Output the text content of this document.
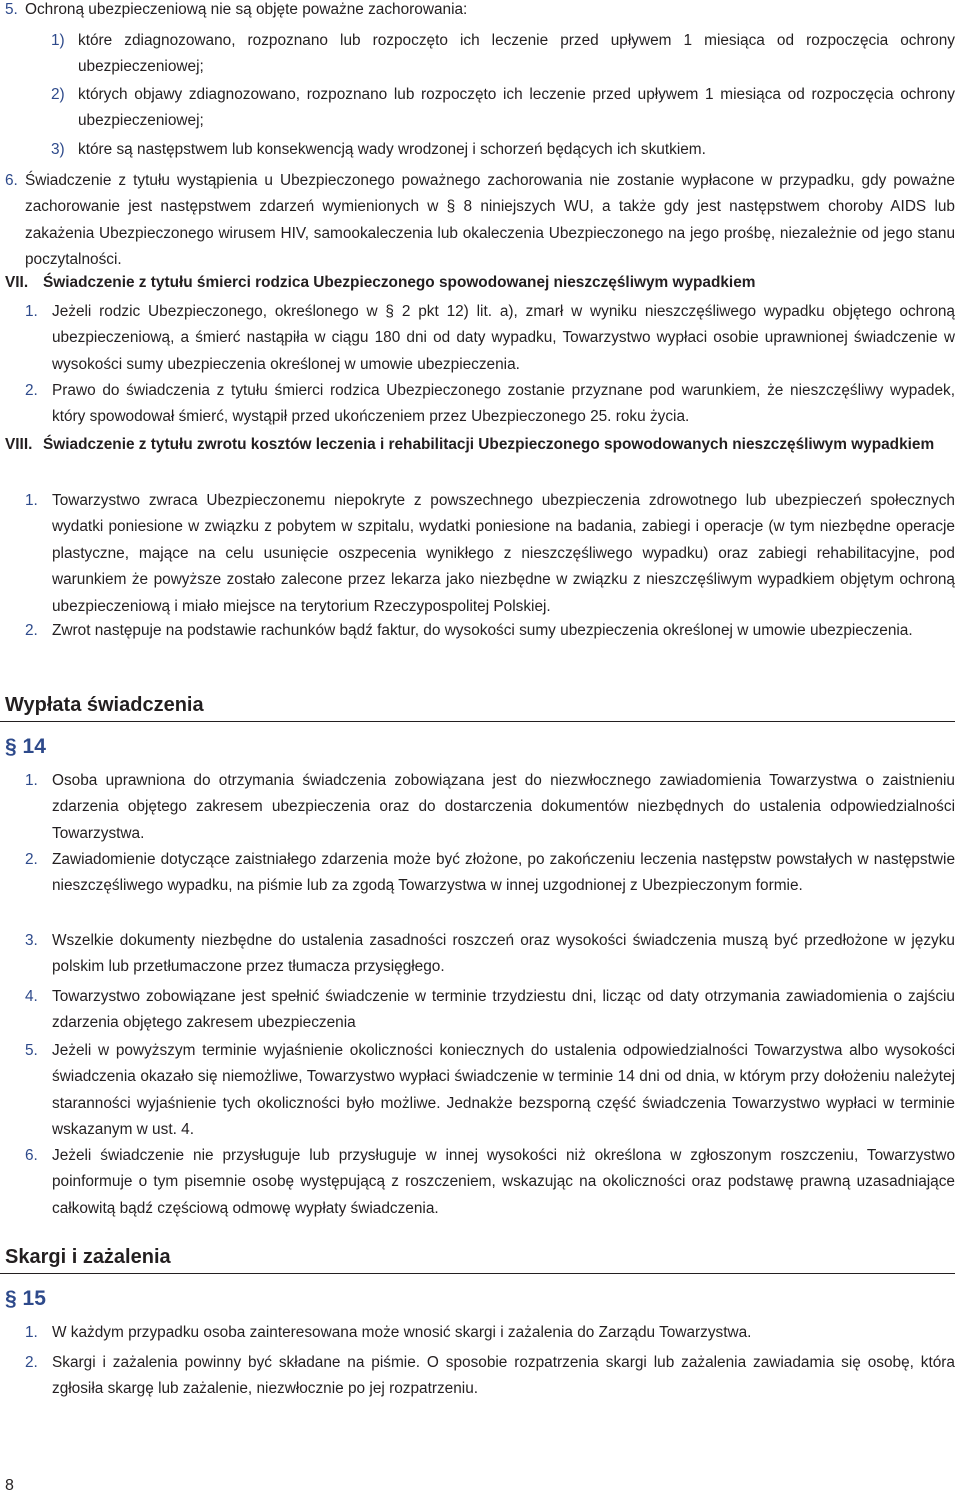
5. Ochroną ubezpieczeniową nie są objęte poważne zachorowania:
1) które zdiagnozowano, rozpoznano lub rozpoczęto ich leczenie przed upływem 1 miesiąca od rozpoczęcia ochrony ubezpieczeniowej;
2) których objawy zdiagnozowano, rozpoznano lub rozpoczęto ich leczenie przed upływem 1 miesiąca od rozpoczęcia ochrony ubezpieczeniowej;
3) które są następstwem lub konsekwencją wady wrodzonej i schorzeń będących ich skutkiem.
6. Świadczenie z tytułu wystąpienia u Ubezpieczonego poważnego zachorowania nie zostanie wypłacone w przypadku, gdy poważne zachorowanie jest następstwem zdarzeń wymienionych w § 8 niniejszych WU, a także gdy jest następstwem choroby AIDS lub zakażenia Ubezpieczonego wirusem HIV, samookaleczenia lub okaleczenia Ubezpieczonego na jego prośbę, niezależnie od jego stanu poczytalności.
VII. Świadczenie z tytułu śmierci rodzica Ubezpieczonego spowodowanej nieszczęśliwym wypadkiem
1. Jeżeli rodzic Ubezpieczonego, określonego w § 2 pkt 12) lit. a), zmarł w wyniku nieszczęśliwego wypadku objętego ochroną ubezpieczeniową, a śmierć nastąpiła w ciągu 180 dni od daty wypadku, Towarzystwo wypłaci osobie uprawnionej świadczenie w wysokości sumy ubezpieczenia określonej w umowie ubezpieczenia.
2. Prawo do świadczenia z tytułu śmierci rodzica Ubezpieczonego zostanie przyznane pod warunkiem, że nieszczęśliwy wypadek, który spowodował śmierć, wystąpił przed ukończeniem przez Ubezpieczonego 25. roku życia.
VIII. Świadczenie z tytułu zwrotu kosztów leczenia i rehabilitacji Ubezpieczonego spowodowanych nieszczęśliwym wypadkiem
1. Towarzystwo zwraca Ubezpieczonemu niepokryte z powszechnego ubezpieczenia zdrowotnego lub ubezpieczeń społecznych wydatki poniesione w związku z pobytem w szpitalu, wydatki poniesione na badania, zabiegi i operacje (w tym niezbędne operacje plastyczne, mające na celu usunięcie oszpecenia wynikłego z nieszczęśliwego wypadku) oraz zabiegi rehabilitacyjne, pod warunkiem że powyższe zostało zalecone przez lekarza jako niezbędne w związku z nieszczęśliwym wypadkiem objętym ochroną ubezpieczeniową i miało miejsce na terytorium Rzeczypospolitej Polskiej.
2. Zwrot następuje na podstawie rachunków bądź faktur, do wysokości sumy ubezpieczenia określonej w umowie ubezpieczenia.
Wypłata świadczenia
§ 14
1. Osoba uprawniona do otrzymania świadczenia zobowiązana jest do niezwłocznego zawiadomienia Towarzystwa o zaistnieniu zdarzenia objętego zakresem ubezpieczenia oraz do dostarczenia dokumentów niezbędnych do ustalenia odpowiedzialności Towarzystwa.
2. Zawiadomienie dotyczące zaistniałego zdarzenia może być złożone, po zakończeniu leczenia następstw powstałych w następstwie nieszczęśliwego wypadku, na piśmie lub za zgodą Towarzystwa w innej uzgodnionej z Ubezpieczonym formie.
3. Wszelkie dokumenty niezbędne do ustalenia zasadności roszczeń oraz wysokości świadczenia muszą być przedłożone w języku polskim lub przetłumaczone przez tłumacza przysięgłego.
4. Towarzystwo zobowiązane jest spełnić świadczenie w terminie trzydziestu dni, licząc od daty otrzymania zawiadomienia o zajściu zdarzenia objętego zakresem ubezpieczenia
5. Jeżeli w powyższym terminie wyjaśnienie okoliczności koniecznych do ustalenia odpowiedzialności Towarzystwa albo wysokości świadczenia okazało się niemożliwe, Towarzystwo wypłaci świadczenie w terminie 14 dni od dnia, w którym przy dołożeniu należytej staranności wyjaśnienie tych okoliczności było możliwe. Jednakże bezsporną część świadczenia Towarzystwo wypłaci w terminie wskazanym w ust. 4.
6. Jeżeli świadczenie nie przysługuje lub przysługuje w innej wysokości niż określona w zgłoszonym roszczeniu, Towarzystwo poinformuje o tym pisemnie osobę występującą z roszczeniem, wskazując na okoliczności oraz podstawę prawną uzasadniające całkowitą bądź częściową odmowę wypłaty świadczenia.
Skargi i zażalenia
§ 15
1. W każdym przypadku osoba zainteresowana może wnosić skargi i zażalenia do Zarządu Towarzystwa.
2. Skargi i zażalenia powinny być składane na piśmie. O sposobie rozpatrzenia skargi lub zażalenia zawiadamia się osobę, która zgłosiła skargę lub zażalenie, niezwłocznie po jej rozpatrzeniu.
8
